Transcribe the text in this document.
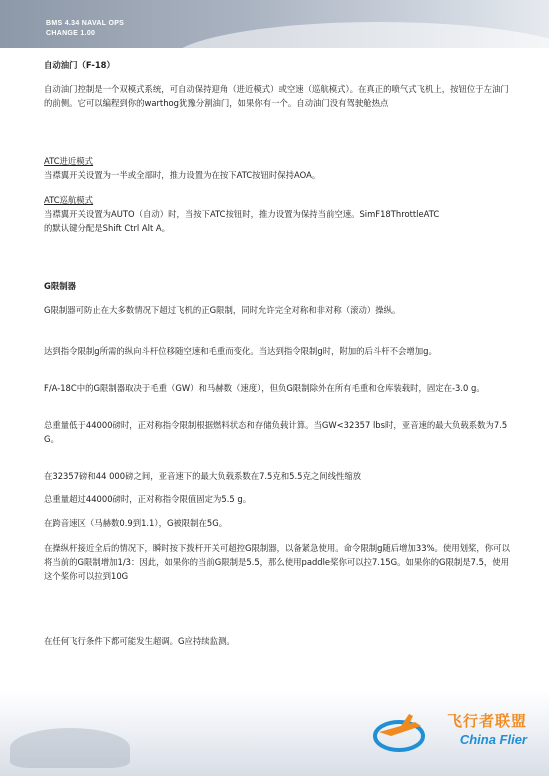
BMS 4.34 NAVAL OPS
CHANGE 1.00
自动油门（F-18）
自动油门控制是一个双模式系统，可自动保持迎角（进近模式）或空速（巡航模式）。在真正的喷气式飞机上，按钮位于左油门的前侧。它可以编程到你的warthog犹豫分割油门，如果你有一个。自动油门没有驾驶舱热点
ATC进近模式
当襟翼开关设置为一半或全部时，推力设置为在按下ATC按钮时保持AOA。
ATC巡航模式
当襟翼开关设置为AUTO（自动）时，当按下ATC按钮时，推力设置为保持当前空速。SimF18ThrottleATC的默认键分配是Shift Ctrl Alt A。
G限制器
G限制器可防止在大多数情况下超过飞机的正G限制，同时允许完全对称和非对称（滚动）操纵。
达到指令限制g所需的纵向斗杆位移随空速和毛重而变化。当达到指令限制g时，附加的后斗杆不会增加g。
F/A-18C中的G限制器取决于毛重（GW）和马赫数（速度），但负G限制除外在所有毛重和仓库装载时，固定在-3.0 g。
总重量低于44000磅时，正对称指令限制根据燃料状态和存储负载计算。当GW<32357 lbs时，亚音速的最大负载系数为7.5 G。
在32357磅和44 000磅之间，亚音速下的最大负载系数在7.5克和5.5克之间线性缩放
总重量超过44000磅时，正对称指令限值固定为5.5 g。
在跨音速区（马赫数0.9到1.1），G被限制在5G。
在操纵杆接近全后的情况下，瞬时按下拨杆开关可超控G限制器，以备紧急使用。命令限制g随后增加33%。使用划桨，你可以将当前的G限制增加1/3：因此，如果你的当前G限制是5.5，那么使用paddle桨你可以拉7.15G。如果你的G限制是7.5，使用这个桨你可以拉到10G
在任何飞行条件下都可能发生超调。G应持续监测。
飞行者联盟
China Flier
